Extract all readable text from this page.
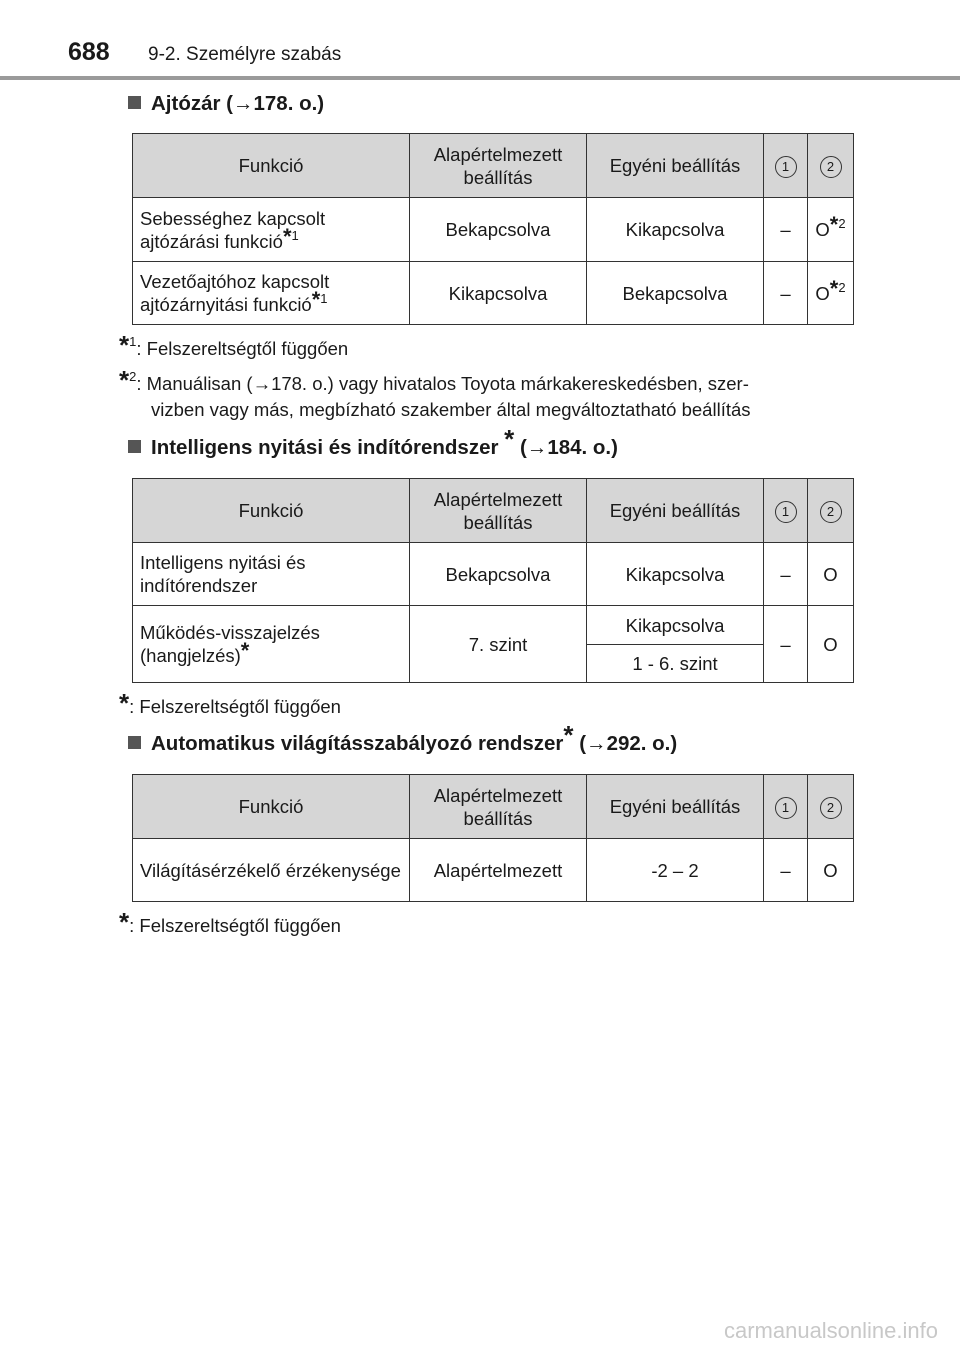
688 9-2. Személyre szabás
Ajtózár (→178. o.)
Funkció	Alapértelmezett beállítás	Egyéni beállítás	1	2
Sebességhez kapcsolt ajtózárási funkció*$^1$	Bekapcsolva	Kikapcsolva	–	O*$^2$
Vezetőajtóhoz kapcsolt ajtózárnyitási funkció*$^1$	Kikapcsolva	Bekapcsolva	–	O*$^2$
*$^1$: Felszereltségtől függően
*$^2$: Manuálisan (→178. o.) vagy hivatalos Toyota márkakereskedésben, szer-
vizben vagy más, megbízható szakember által megváltoztatható beállítás
Intelligens nyitási és indítórendszer * (→184. o.)
Funkció	Alapértelmezett beállítás	Egyéni beállítás	1	2
Intelligens nyitási és indítórendszer	Bekapcsolva	Kikapcsolva	–	O
Működés-visszajelzés (hangjelzés)*	7. szint	Kikapcsolva	–	O
		1 - 6. szint		
*: Felszereltségtől függően
Automatikus világításszabályozó rendszer* (→292. o.)
Funkció	Alapértelmezett beállítás	Egyéni beállítás	1	2
Világításérzékelő érzékenysége	Alapértelmezett	-2 – 2	–	O
*: Felszereltségtől függően
carmanualsonline.info
